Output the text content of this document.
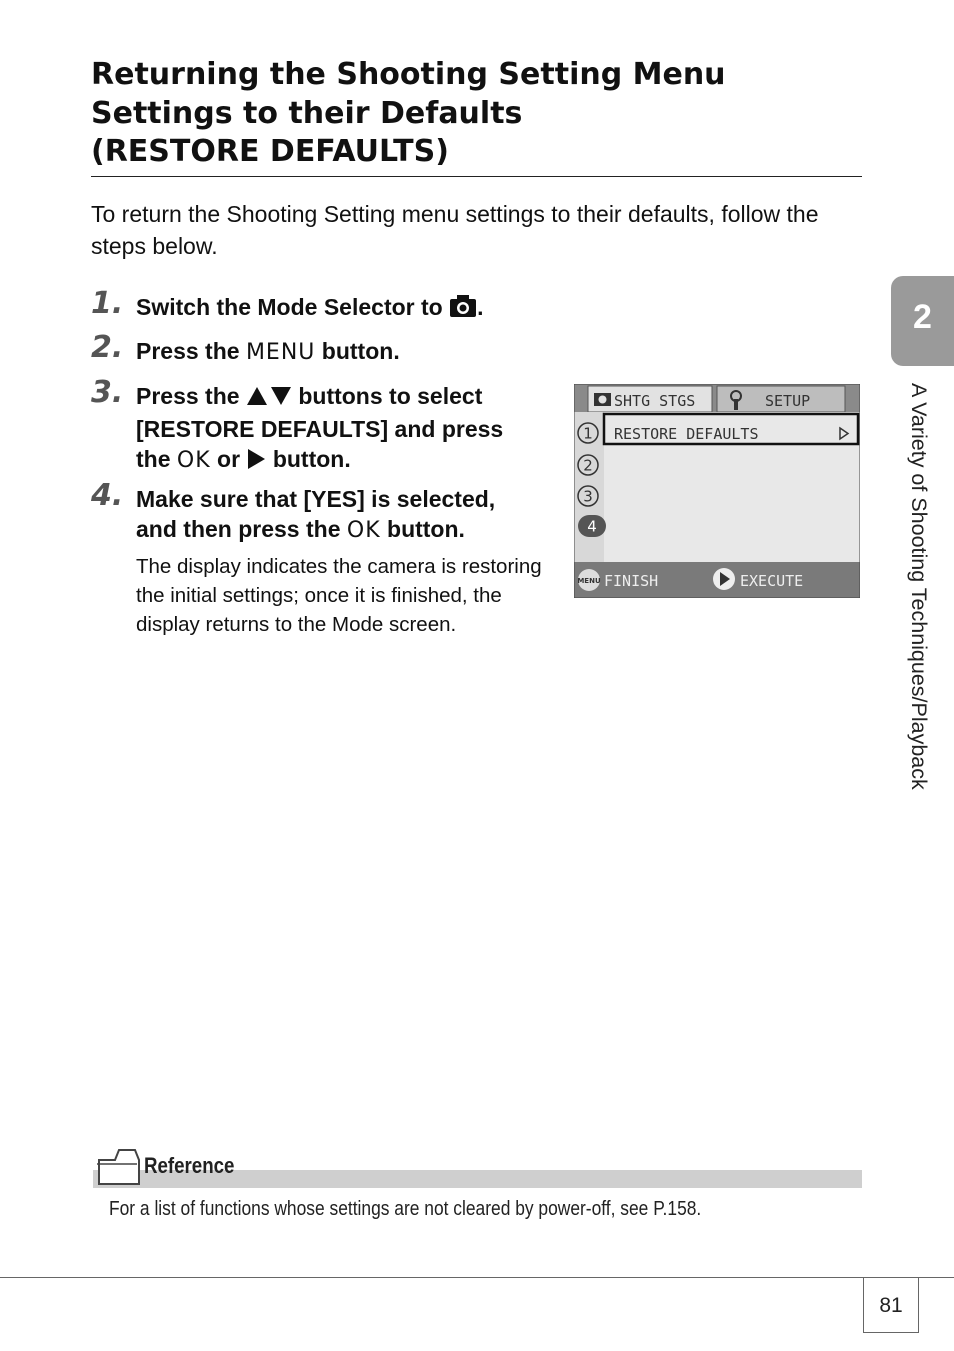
Returning the Shooting Setting Menu
Settings to their Defaults
(RESTORE DEFAULTS)

To return the Shooting Setting menu settings to their defaults, follow the steps below.

1. Switch the Mode Selector to .
2. Press the MENU button.
3. Press the	buttons to select
[RESTORE DEFAULTS] and press
the OK or button.
4. Make sure that [YES] is selected,
and then press the OK button.
The display indicates the camera is restoring the initial settings; once it is finished, the display returns to the Mode screen.
SHTG STGS	SETUP
RESTORE DEFAULTS
1
2
3
4
MENU FINISH	EXECUTE
2
A Variety of Shooting Techniques/Playback
Reference
For a list of functions whose settings are not cleared by power-off, see P.158.
81
